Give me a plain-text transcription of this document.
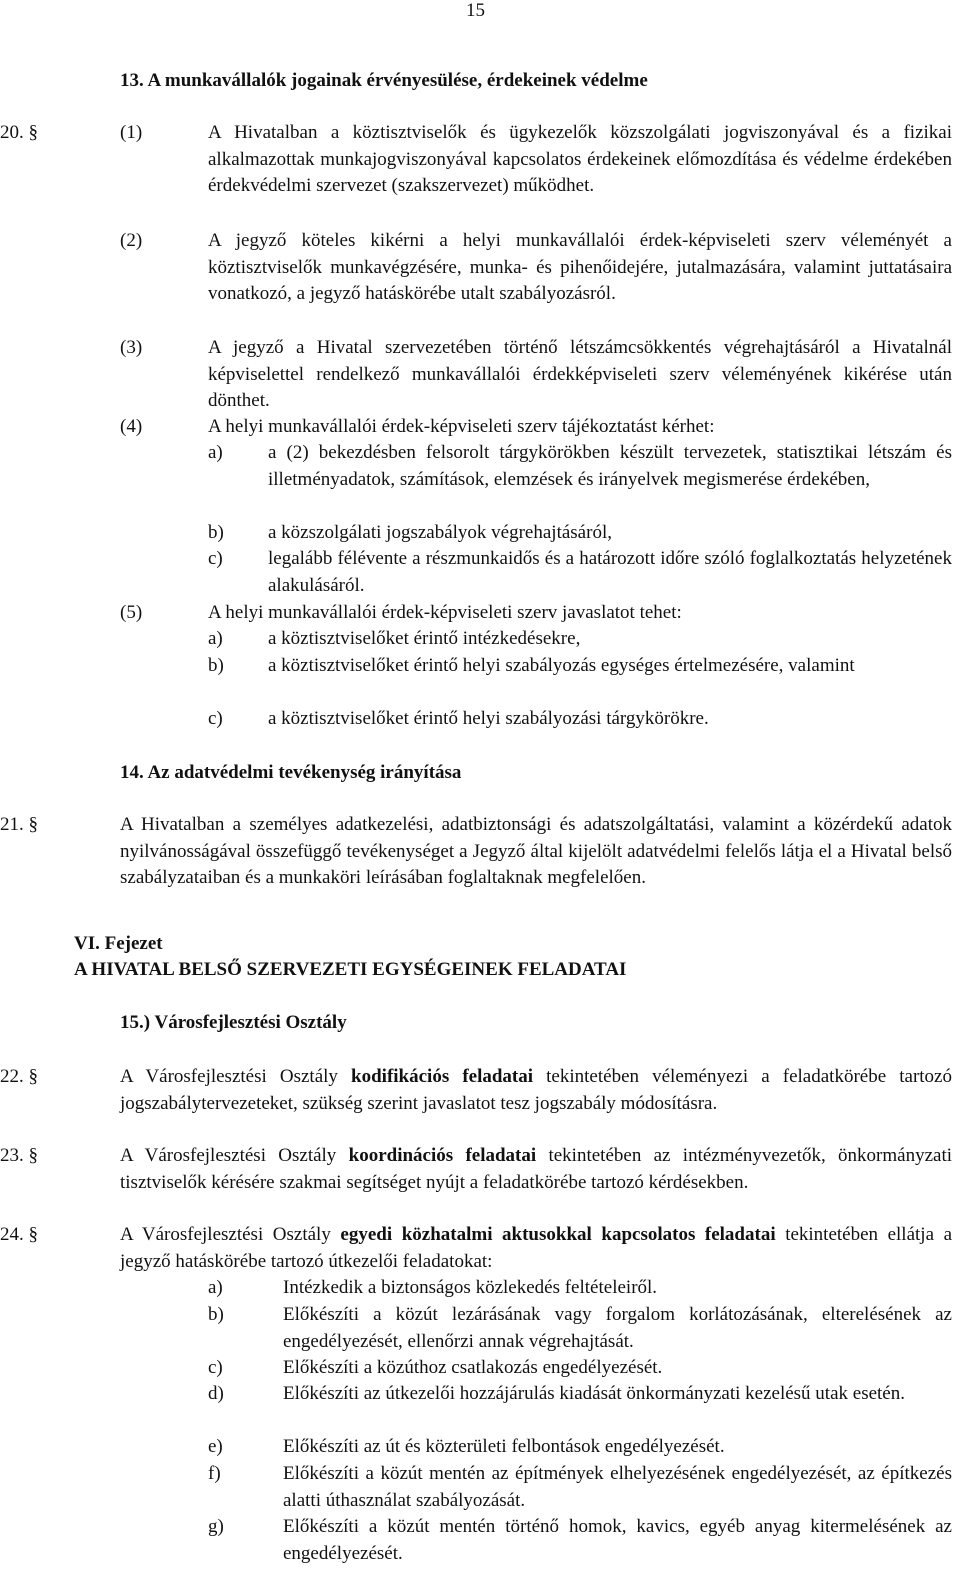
15
13. A munkavállalók jogainak érvényesülése, érdekeinek védelme
20. §	(1)	A Hivatalban a köztisztviselők és ügykezelők közszolgálati jogviszonyával és a fizikai alkalmazottak munkajogviszonyával kapcsolatos érdekeinek előmozdítása és védelme érdekében érdekvédelmi szervezet (szakszervezet) működhet.
(2)	A jegyző köteles kikérni a helyi munkavállalói érdek-képviseleti szerv véleményét a köztisztviselők munkavégzésére, munka- és pihenőidejére, jutalmazására, valamint juttatásaira vonatkozó, a jegyző hatáskörébe utalt szabályozásról.
(3)	A jegyző a Hivatal szervezetében történő létszámcsökkentés végrehajtásáról a Hivatalnál képviselettel rendelkező munkavállalói érdekképviseleti szerv véleményének kikérése után dönthet.
(4)	A helyi munkavállalói érdek-képviseleti szerv tájékoztatást kérhet:
a) a (2) bekezdésben felsorolt tárgykörökben készült tervezetek, statisztikai létszám és illetményadatok, számítások, elemzések és irányelvek megismerése érdekében,
b) a közszolgálati jogszabályok végrehajtásáról,
c) legalább félévente a részmunkaidős és a határozott időre szóló foglalkoztatás helyzetének alakulásáról.
(5)	A helyi munkavállalói érdek-képviseleti szerv javaslatot tehet:
a) a köztisztviselőket érintő intézkedésekre,
b) a köztisztviselőket érintő helyi szabályozás egységes értelmezésére, valamint
c) a köztisztviselőket érintő helyi szabályozási tárgykörökre.
14. Az adatvédelmi tevékenység irányítása
21. §	A Hivatalban a személyes adatkezelési, adatbiztonsági és adatszolgáltatási, valamint a közérdekű adatok nyilvánosságával összefüggő tevékenységet a Jegyző által kijelölt adatvédelmi felelős látja el a Hivatal belső szabályzataiban és a munkaköri leírásában foglaltaknak megfelelően.
VI. Fejezet
A HIVATAL BELSŐ SZERVEZETI EGYSÉGEINEK FELADATAI
15.) Városfejlesztési Osztály
22. §	A Városfejlesztési Osztály kodifikációs feladatai tekintetében véleményezi a feladatkörébe tartozó jogszabálytervezeteket, szükség szerint javaslatot tesz jogszabály módosításra.
23. §	A Városfejlesztési Osztály koordinációs feladatai tekintetében az intézményvezetők, önkormányzati tisztviselők kérésére szakmai segítséget nyújt a feladatkörébe tartozó kérdésekben.
24. §	A Városfejlesztési Osztály egyedi közhatalmi aktusokkal kapcsolatos feladatai tekintetében ellátja a jegyző hatáskörébe tartozó útkezelői feladatokat:
a)	Intézkedik a biztonságos közlekedés feltételeiről.
b)	Előkészíti a közút lezárásának vagy forgalom korlátozásának, elterelésének az engedélyezését, ellenőrzi annak végrehajtását.
c)	Előkészíti a közúthoz csatlakozás engedélyezését.
d)	Előkészíti az útkezelői hozzájárulás kiadását önkormányzati kezelésű utak esetén.
e)	Előkészíti az út és közterületi felbontások engedélyezését.
f)	Előkészíti a közút mentén az építmények elhelyezésének engedélyezését, az építkezés alatti úthasználat szabályozását.
g)	Előkészíti a közút mentén történő homok, kavics, egyéb anyag kitermelésének az engedélyezését.
